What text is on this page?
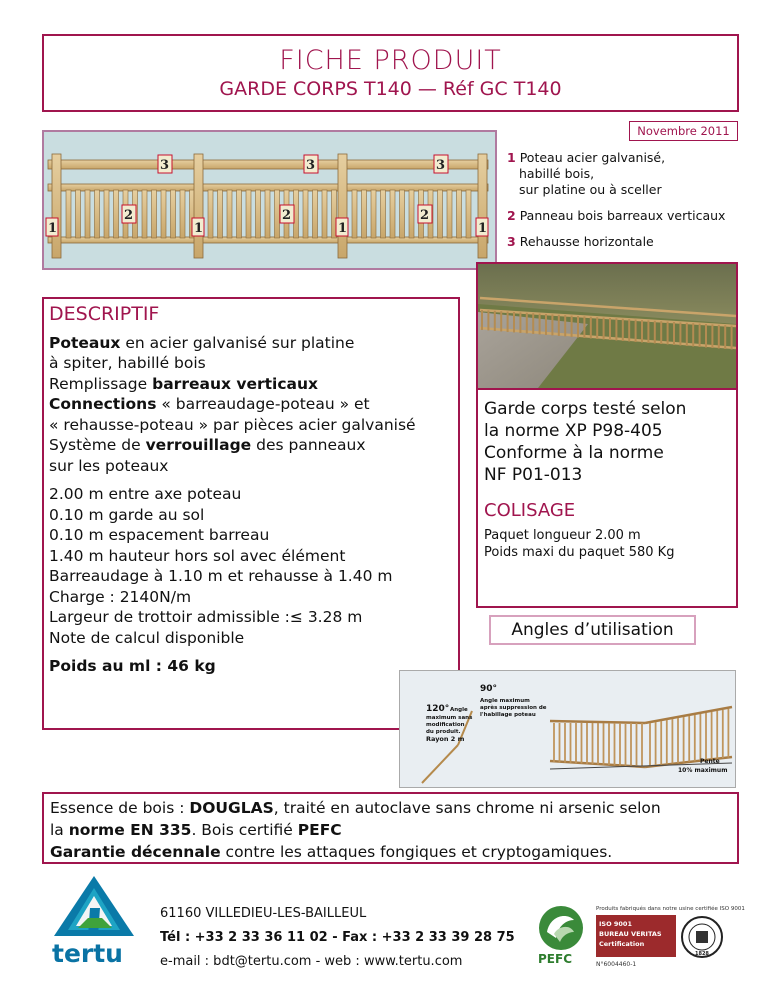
FICHE PRODUIT
GARDE CORPS T140 — Réf GC T140
Novembre 2011
3	3	3
2	2	2
1	1	1	1
1 Poteau acier galvanisé,
habillé bois,
sur platine ou à sceller
2 Panneau bois barreaux verticaux
3 Rehausse horizontale
DESCRIPTIF
Poteaux en acier galvanisé sur platine
à spiter, habillé bois
Remplissage barreaux verticaux
Connections « barreaudage-poteau » et
« rehausse-poteau » par pièces acier galvanisé
Système de verrouillage des panneaux
sur les poteaux
2.00 m entre axe poteau
0.10 m garde au sol
0.10 m espacement barreau
1.40 m hauteur hors sol avec élément
Barreaudage à 1.10 m et rehausse à 1.40 m
Charge : 2140N/m
Largeur de trottoir admissible :≤ 3.28 m
Note de calcul disponible
Poids au ml : 46 kg
Garde corps testé selon
la norme XP P98-405
Conforme à la norme
NF P01-013
COLISAGE
Paquet longueur 2.00 m
Poids maxi du paquet 580 Kg
Angles d’utilisation
120° Angle
maximum sans
modification
du produit.
Rayon 2 m
90°
Angle maximum
après suppression de
l'habillage poteau
Pente
10% maximum
Essence de bois : DOUGLAS, traité en autoclave sans chrome ni arsenic selon
la norme EN 335. Bois certifié PEFC
Garantie décennale contre les attaques fongiques et cryptogamiques.
tertu
61160 VILLEDIEU-LES-BAILLEUL
Tél : +33 2 33 36 11 02 - Fax : +33 2 33 39 28 75
e-mail : bdt@tertu.com - web : www.tertu.com	PEFC
Produits fabriqués dans notre usine certifiée ISO 9001
ISO 9001
BUREAU VERITAS
Certification
1828
N°6004460-1
